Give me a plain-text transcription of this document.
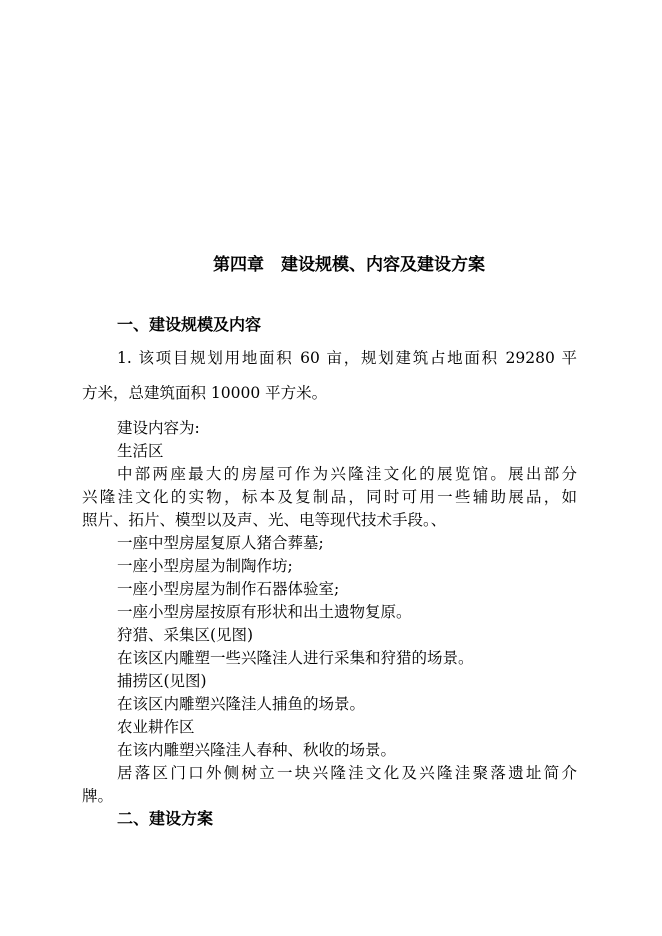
第四章　建设规模、内容及建设方案
一、建设规模及内容
1. 该项目规划用地面积 60 亩，规划建筑占地面积 29280 平
方米，总建筑面积 10000 平方米。
建设内容为:
生活区
中部两座最大的房屋可作为兴隆洼文化的展览馆。展出部分
兴隆洼文化的实物，标本及复制品，同时可用一些辅助展品，如
照片、拓片、模型以及声、光、电等现代技术手段。、
一座中型房屋复原人猪合葬墓;
一座小型房屋为制陶作坊;
一座小型房屋为制作石器体验室;
一座小型房屋按原有形状和出土遗物复原。
狩猎、采集区(见图)
在该区内雕塑一些兴隆洼人进行采集和狩猎的场景。
捕捞区(见图)
在该区内雕塑兴隆洼人捕鱼的场景。
农业耕作区
在该内雕塑兴隆洼人春种、秋收的场景。
居落区门口外侧树立一块兴隆洼文化及兴隆洼聚落遗址简介
牌。
二、建设方案
